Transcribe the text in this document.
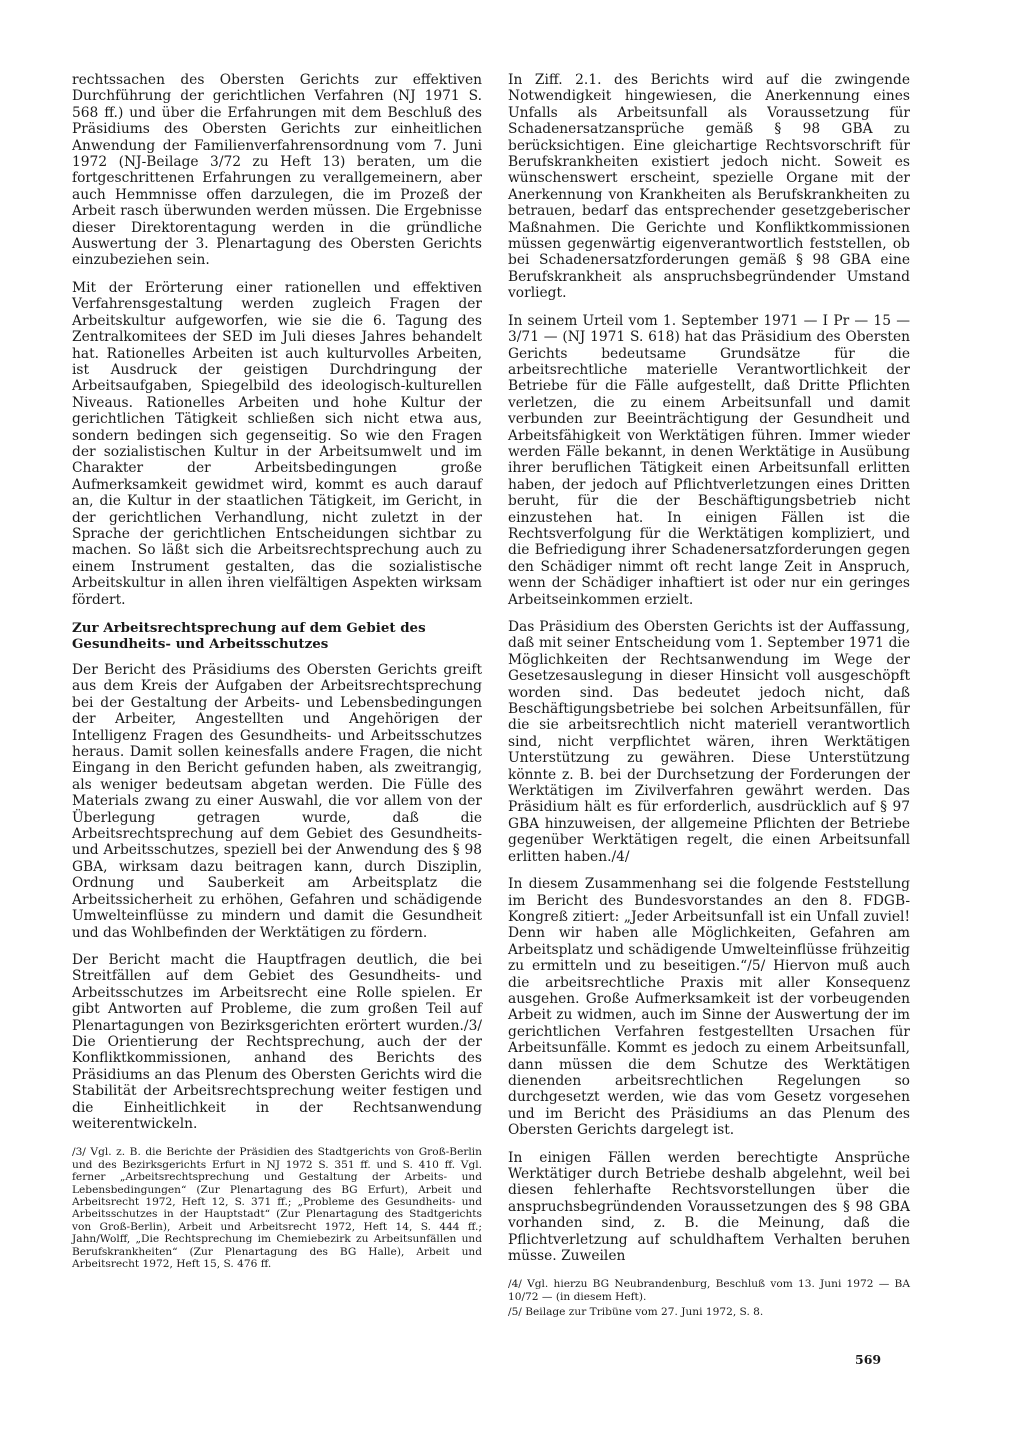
rechtssachen des Obersten Gerichts zur effektiven Durchführung der gerichtlichen Verfahren (NJ 1971 S. 568 ff.) und über die Erfahrungen mit dem Beschluß des Präsidiums des Obersten Gerichts zur einheitlichen Anwendung der Familienverfahrensordnung vom 7. Juni 1972 (NJ-Beilage 3/72 zu Heft 13) beraten, um die fortgeschrittenen Erfahrungen zu verallgemeinern, aber auch Hemmnisse offen darzulegen, die im Prozeß der Arbeit rasch überwunden werden müssen. Die Ergebnisse dieser Direktorentagung werden in die gründliche Auswertung der 3. Plenartagung des Obersten Gerichts einzubeziehen sein.

Mit der Erörterung einer rationellen und effektiven Verfahrensgestaltung werden zugleich Fragen der Arbeitskultur aufgeworfen, wie sie die 6. Tagung des Zentralkomitees der SED im Juli dieses Jahres behandelt hat. Rationelles Arbeiten ist auch kulturvolles Arbeiten, ist Ausdruck der geistigen Durchdringung der Arbeitsaufgaben, Spiegelbild des ideologisch-kulturellen Niveaus. Rationelles Arbeiten und hohe Kultur der gerichtlichen Tätigkeit schließen sich nicht etwa aus, sondern bedingen sich gegenseitig. So wie den Fragen der sozialistischen Kultur in der Arbeitsumwelt und im Charakter der Arbeitsbedingungen große Aufmerksamkeit gewidmet wird, kommt es auch darauf an, die Kultur in der staatlichen Tätigkeit, im Gericht, in der gerichtlichen Verhandlung, nicht zuletzt in der Sprache der gerichtlichen Entscheidungen sichtbar zu machen. So läßt sich die Arbeitsrechtsprechung auch zu einem Instrument gestalten, das die sozialistische Arbeitskultur in allen ihren vielfältigen Aspekten wirksam fördert.

Zur Arbeitsrechtsprechung auf dem Gebiet des Gesundheits- und Arbeitsschutzes

Der Bericht des Präsidiums des Obersten Gerichts greift aus dem Kreis der Aufgaben der Arbeitsrechtsprechung bei der Gestaltung der Arbeits- und Lebensbedingungen der Arbeiter, Angestellten und Angehörigen der Intelligenz Fragen des Gesundheits- und Arbeitsschutzes heraus. Damit sollen keinesfalls andere Fragen, die nicht Eingang in den Bericht gefunden haben, als zweitrangig, als weniger bedeutsam abgetan werden. Die Fülle des Materials zwang zu einer Auswahl, die vor allem von der Überlegung getragen wurde, daß die Arbeitsrechtsprechung auf dem Gebiet des Gesundheits- und Arbeitsschutzes, speziell bei der Anwendung des § 98 GBA, wirksam dazu beitragen kann, durch Disziplin, Ordnung und Sauberkeit am Arbeitsplatz die Arbeitssicherheit zu erhöhen, Gefahren und schädigende Umwelteinflüsse zu mindern und damit die Gesundheit und das Wohlbefinden der Werktätigen zu fördern.

Der Bericht macht die Hauptfragen deutlich, die bei Streitfällen auf dem Gebiet des Gesundheits- und Arbeitsschutzes im Arbeitsrecht eine Rolle spielen. Er gibt Antworten auf Probleme, die zum großen Teil auf Plenartagungen von Bezirksgerichten erörtert wurden./3/ Die Orientierung der Rechtsprechung, auch der der Konfliktkommissionen, anhand des Berichts des Präsidiums an das Plenum des Obersten Gerichts wird die Stabilität der Arbeitsrechtsprechung weiter festigen und die Einheitlichkeit in der Rechtsanwendung weiterentwickeln.

/3/ Vgl. z. B. die Berichte der Präsidien des Stadtgerichts von Groß-Berlin und des Bezirksgerichts Erfurt in NJ 1972 S. 351 ff. und S. 410 ff. Vgl. ferner „Arbeitsrechtsprechung und Gestaltung der Arbeits- und Lebensbedingungen“ (Zur Plenartagung des BG Erfurt), Arbeit und Arbeitsrecht 1972, Heft 12, S. 371 ff.; „Probleme des Gesundheits- und Arbeitsschutzes in der Hauptstadt“ (Zur Plenartagung des Stadtgerichts von Groß-Berlin), Arbeit und Arbeitsrecht 1972, Heft 14, S. 444 ff.; Jahn/Wolff, „Die Rechtsprechung im Chemiebezirk zu Arbeitsunfällen und Berufskrankheiten“ (Zur Plenartagung des BG Halle), Arbeit und Arbeitsrecht 1972, Heft 15, S. 476 ff.

In Ziff. 2.1. des Berichts wird auf die zwingende Notwendigkeit hingewiesen, die Anerkennung eines Unfalls als Arbeitsunfall als Voraussetzung für Schadenersatzansprüche gemäß § 98 GBA zu berücksichtigen. Eine gleichartige Rechtsvorschrift für Berufskrankheiten existiert jedoch nicht. Soweit es wünschenswert erscheint, spezielle Organe mit der Anerkennung von Krankheiten als Berufskrankheiten zu betrauen, bedarf das entsprechender gesetzgeberischer Maßnahmen. Die Gerichte und Konfliktkommissionen müssen gegenwärtig eigenverantwortlich feststellen, ob bei Schadenersatzforderungen gemäß § 98 GBA eine Berufskrankheit als anspruchsbegründender Umstand vorliegt.

In seinem Urteil vom 1. September 1971 — I Pr — 15 — 3/71 — (NJ 1971 S. 618) hat das Präsidium des Obersten Gerichts bedeutsame Grundsätze für die arbeitsrechtliche materielle Verantwortlichkeit der Betriebe für die Fälle aufgestellt, daß Dritte Pflichten verletzen, die zu einem Arbeitsunfall und damit verbunden zur Beeinträchtigung der Gesundheit und Arbeitsfähigkeit von Werktätigen führen. Immer wieder werden Fälle bekannt, in denen Werktätige in Ausübung ihrer beruflichen Tätigkeit einen Arbeitsunfall erlitten haben, der jedoch auf Pflichtverletzungen eines Dritten beruht, für die der Beschäftigungsbetrieb nicht einzustehen hat. In einigen Fällen ist die Rechtsverfolgung für die Werktätigen kompliziert, und die Befriedigung ihrer Schadenersatzforderungen gegen den Schädiger nimmt oft recht lange Zeit in Anspruch, wenn der Schädiger inhaftiert ist oder nur ein geringes Arbeitseinkommen erzielt.

Das Präsidium des Obersten Gerichts ist der Auffassung, daß mit seiner Entscheidung vom 1. September 1971 die Möglichkeiten der Rechtsanwendung im Wege der Gesetzesauslegung in dieser Hinsicht voll ausgeschöpft worden sind. Das bedeutet jedoch nicht, daß Beschäftigungsbetriebe bei solchen Arbeitsunfällen, für die sie arbeitsrechtlich nicht materiell verantwortlich sind, nicht verpflichtet wären, ihren Werktätigen Unterstützung zu gewähren. Diese Unterstützung könnte z. B. bei der Durchsetzung der Forderungen der Werktätigen im Zivilverfahren gewährt werden. Das Präsidium hält es für erforderlich, ausdrücklich auf § 97 GBA hinzuweisen, der allgemeine Pflichten der Betriebe gegenüber Werktätigen regelt, die einen Arbeitsunfall erlitten haben./4/

In diesem Zusammenhang sei die folgende Feststellung im Bericht des Bundesvorstandes an den 8. FDGB-Kongreß zitiert: „Jeder Arbeitsunfall ist ein Unfall zuviel! Denn wir haben alle Möglichkeiten, Gefahren am Arbeitsplatz und schädigende Umwelteinflüsse frühzeitig zu ermitteln und zu beseitigen.“/5/ Hiervon muß auch die arbeitsrechtliche Praxis mit aller Konsequenz ausgehen. Große Aufmerksamkeit ist der vorbeugenden Arbeit zu widmen, auch im Sinne der Auswertung der im gerichtlichen Verfahren festgestellten Ursachen für Arbeitsunfälle. Kommt es jedoch zu einem Arbeitsunfall, dann müssen die dem Schutze des Werktätigen dienenden arbeitsrechtlichen Regelungen so durchgesetzt werden, wie das vom Gesetz vorgesehen und im Bericht des Präsidiums an das Plenum des Obersten Gerichts dargelegt ist.

In einigen Fällen werden berechtigte Ansprüche Werktätiger durch Betriebe deshalb abgelehnt, weil bei diesen fehlerhafte Rechtsvorstellungen über die anspruchsbegründenden Voraussetzungen des § 98 GBA vorhanden sind, z. B. die Meinung, daß die Pflichtverletzung auf schuldhaftem Verhalten beruhen müsse. Zuweilen

/4/ Vgl. hierzu BG Neubrandenburg, Beschluß vom 13. Juni 1972 — BA 10/72 — (in diesem Heft).

/5/ Beilage zur Tribüne vom 27. Juni 1972, S. 8.

569
